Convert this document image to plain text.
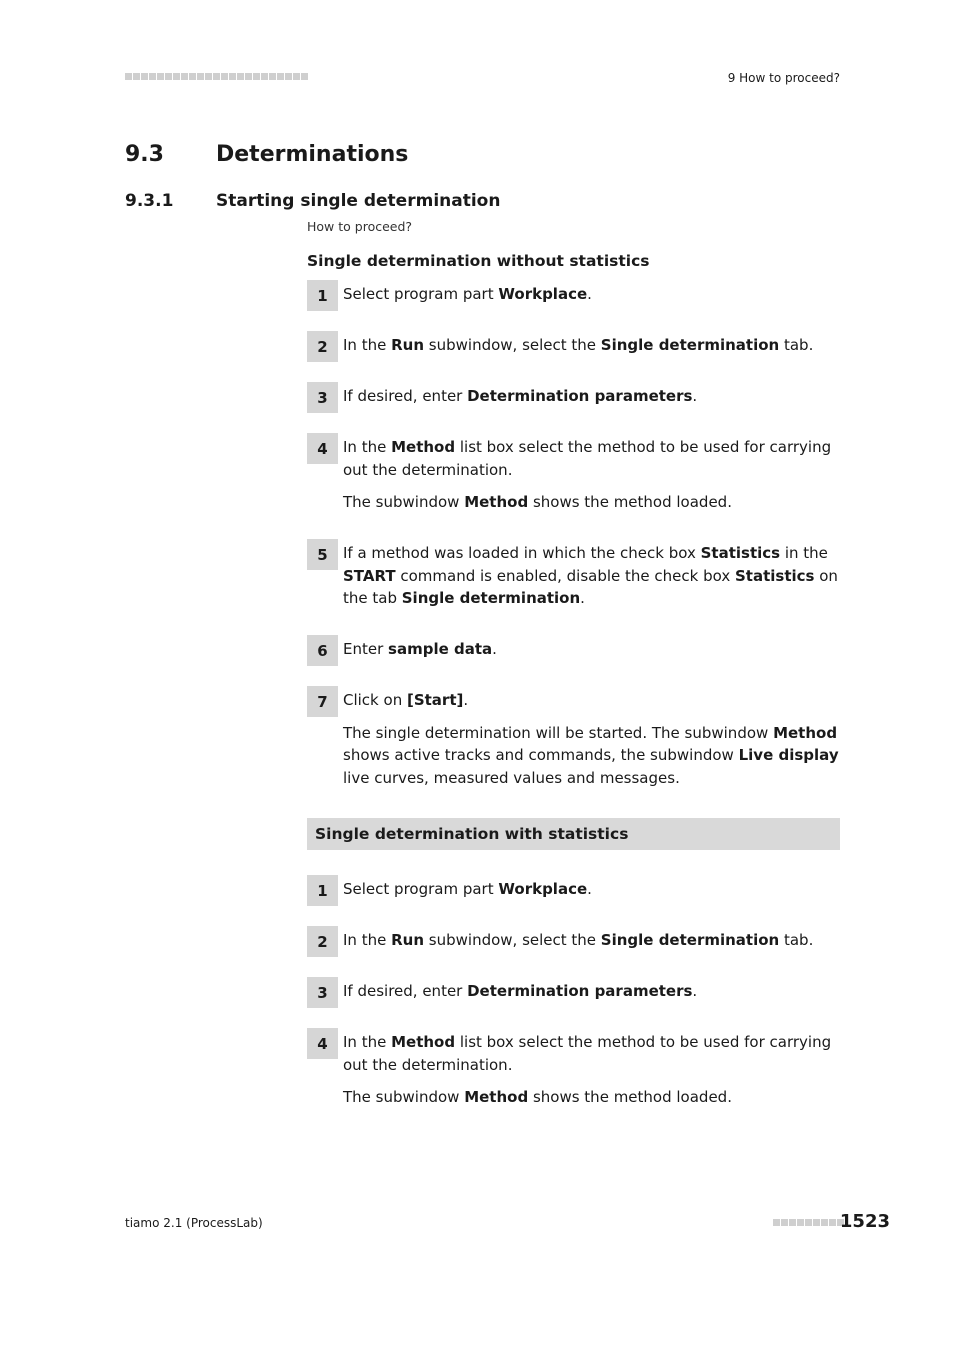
9 How to proceed?
9.3	Determinations
9.3.1	Starting single determination
How to proceed?
Single determination without statistics
1	Select program part Workplace.

2	In the Run subwindow, select the Single determination tab.

3	If desired, enter Determination parameters.

4	In the Method list box select the method to be used for carrying out the determination.

The subwindow Method shows the method loaded.

5	If a method was loaded in which the check box Statistics in the START command is enabled, disable the check box Statistics on the tab Single determination.

6	Enter sample data.

7	Click on [Start].

The single determination will be started. The subwindow Method shows active tracks and commands, the subwindow Live display live curves, measured values and messages.

Single determination with statistics
1	Select program part Workplace.

2	In the Run subwindow, select the Single determination tab.

3	If desired, enter Determination parameters.

4	In the Method list box select the method to be used for carrying out the determination.

The subwindow Method shows the method loaded.

tiamo 2.1 (ProcessLab)	1523
